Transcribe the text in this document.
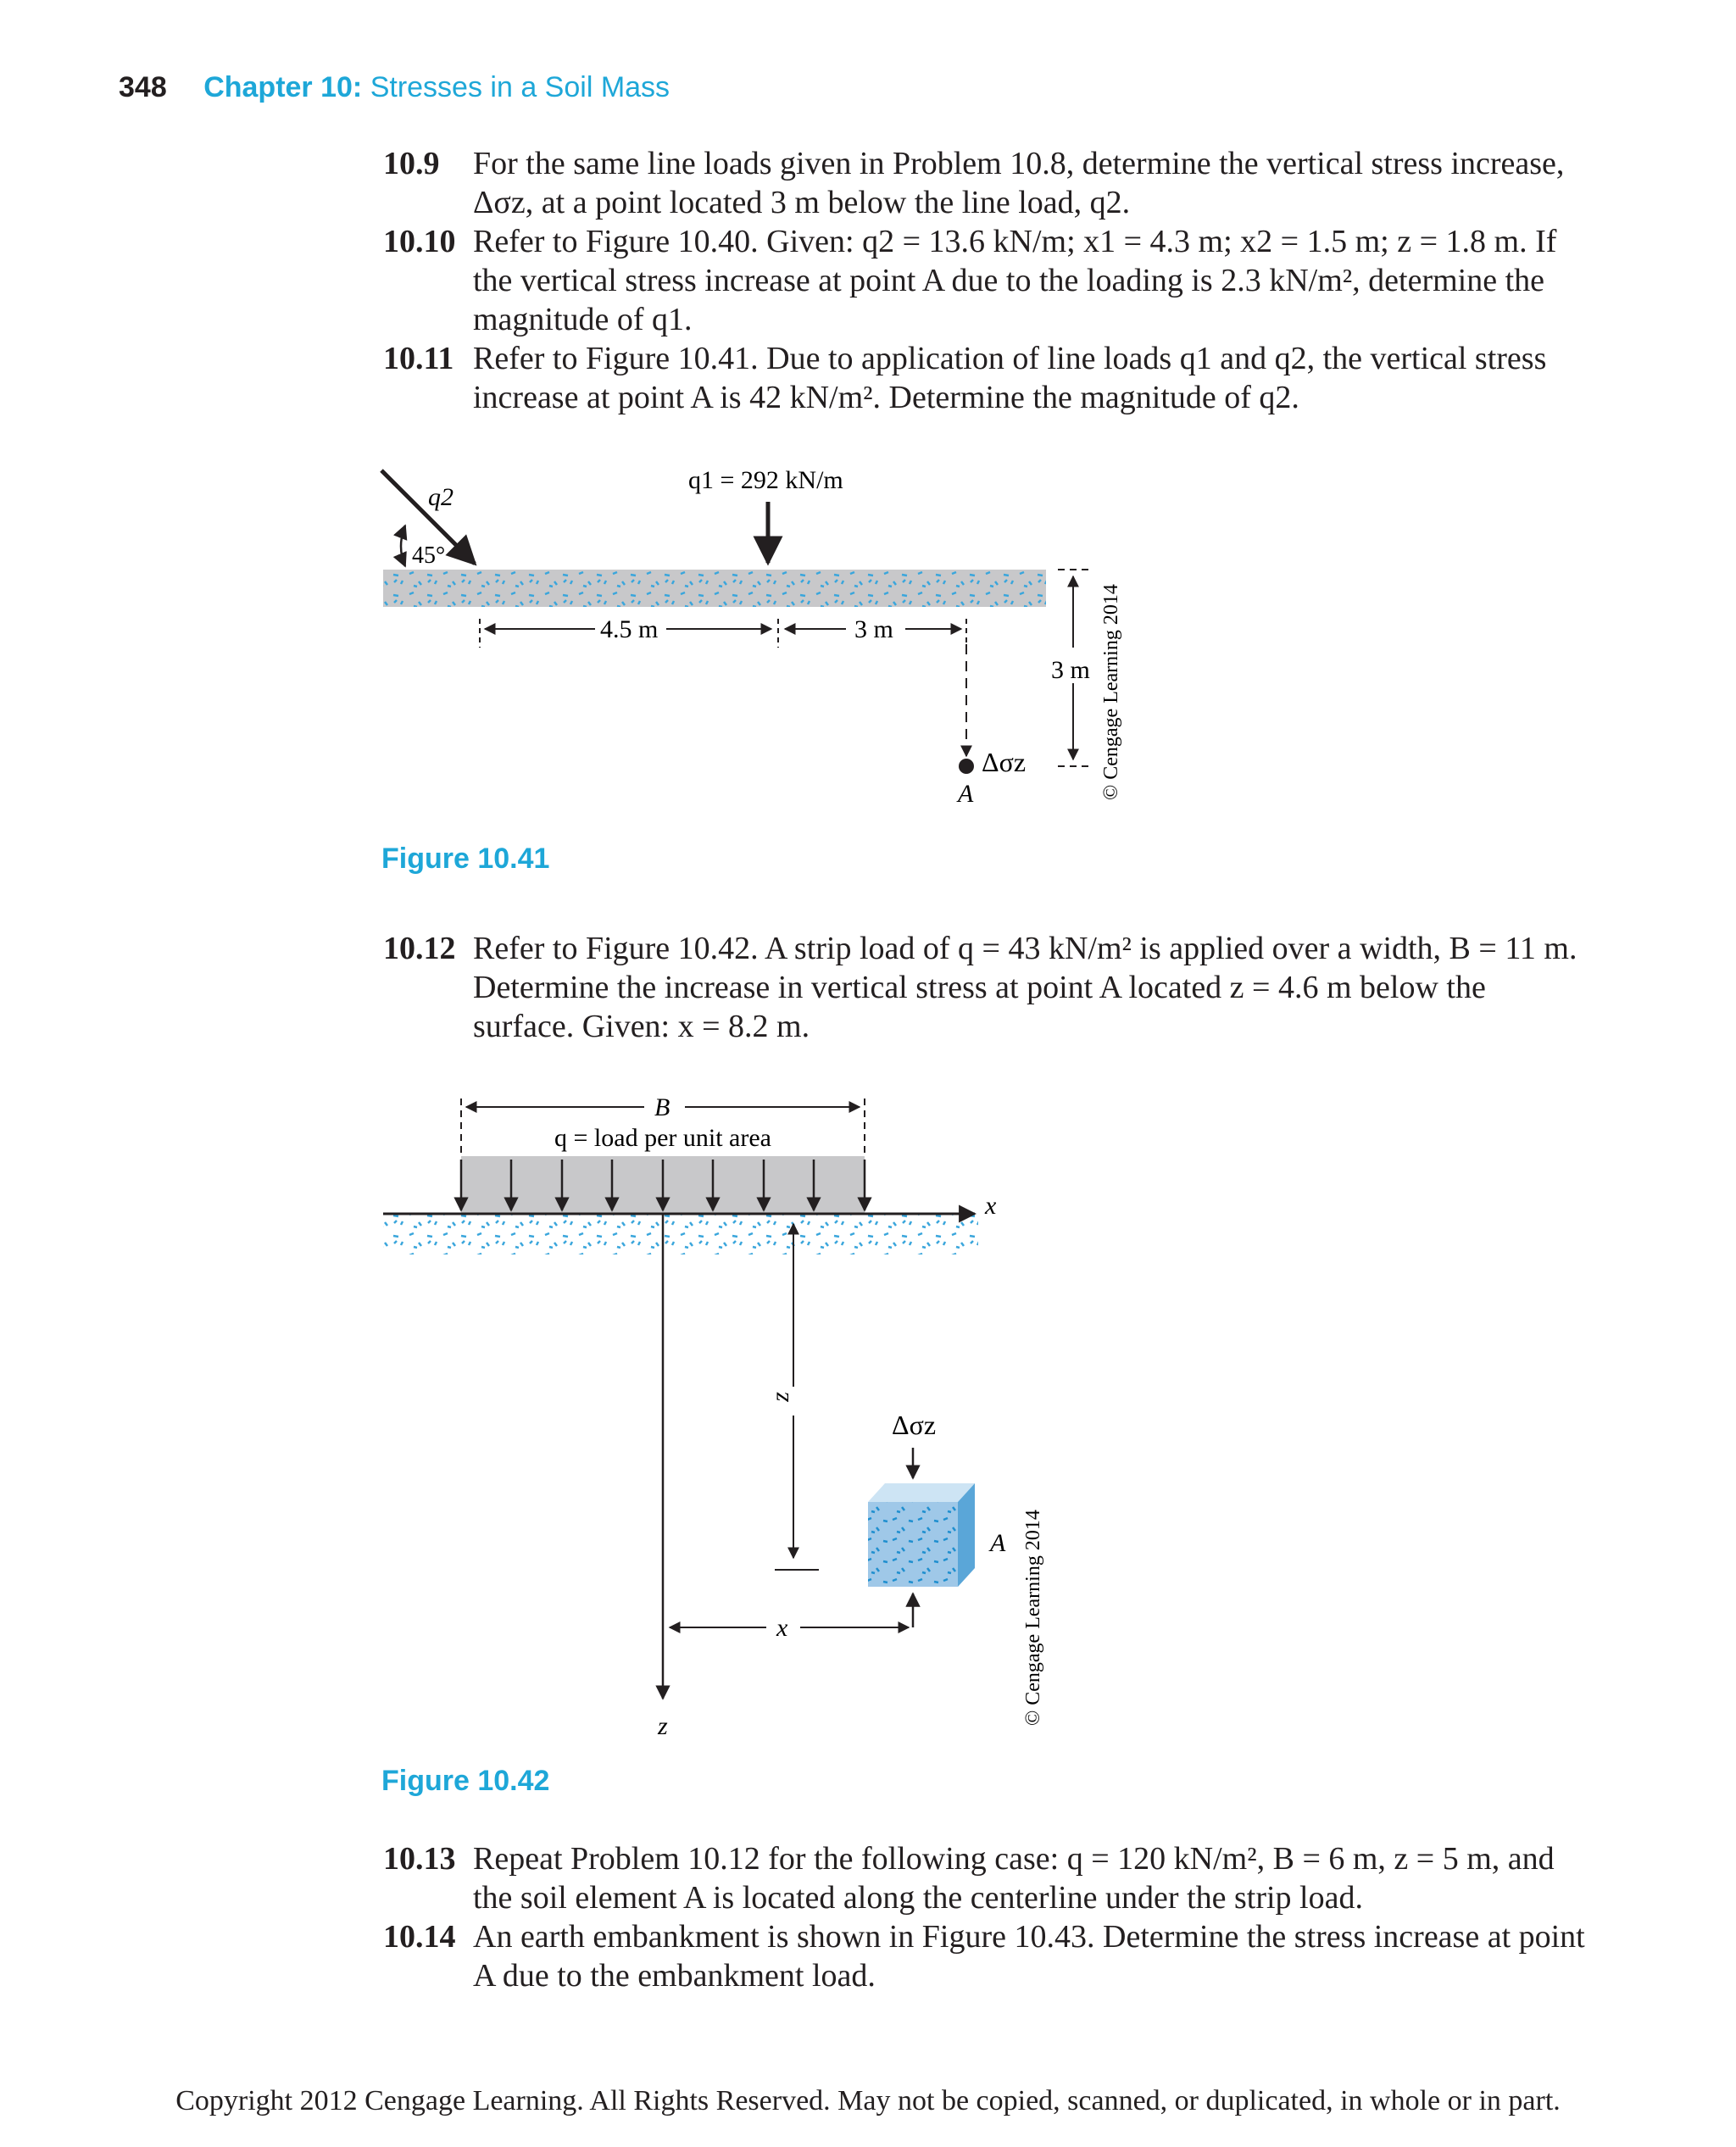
348 Chapter 10: Stresses in a Soil Mass
10.9 For the same line loads given in Problem 10.8, determine the vertical stress increase, Δσz, at a point located 3 m below the line load, q2.
10.10 Refer to Figure 10.40. Given: q2 = 13.6 kN/m; x1 = 4.3 m; x2 = 1.5 m; z = 1.8 m. If the vertical stress increase at point A due to the loading is 2.3 kN/m², determine the magnitude of q1.
10.11 Refer to Figure 10.41. Due to application of line loads q1 and q2, the vertical stress increase at point A is 42 kN/m². Determine the magnitude of q2.
q2
45°
q1 = 292 kN/m
4.5 m	3 m
Δσz
A
3 m © Cengage Learning 2014
Figure 10.41
10.12 Refer to Figure 10.42. A strip load of q = 43 kN/m² is applied over a width, B = 11 m. Determine the increase in vertical stress at point A located z = 4.6 m below the surface. Given: x = 8.2 m.
B
q = load per unit area
x
z
z
x
Δσz
A © Cengage Learning 2014
Figure 10.42
10.13 Repeat Problem 10.12 for the following case: q = 120 kN/m², B = 6 m, z = 5 m, and the soil element A is located along the centerline under the strip load.
10.14 An earth embankment is shown in Figure 10.43. Determine the stress increase at point A due to the embankment load.
Copyright 2012 Cengage Learning. All Rights Reserved. May not be copied, scanned, or duplicated, in whole or in part.
